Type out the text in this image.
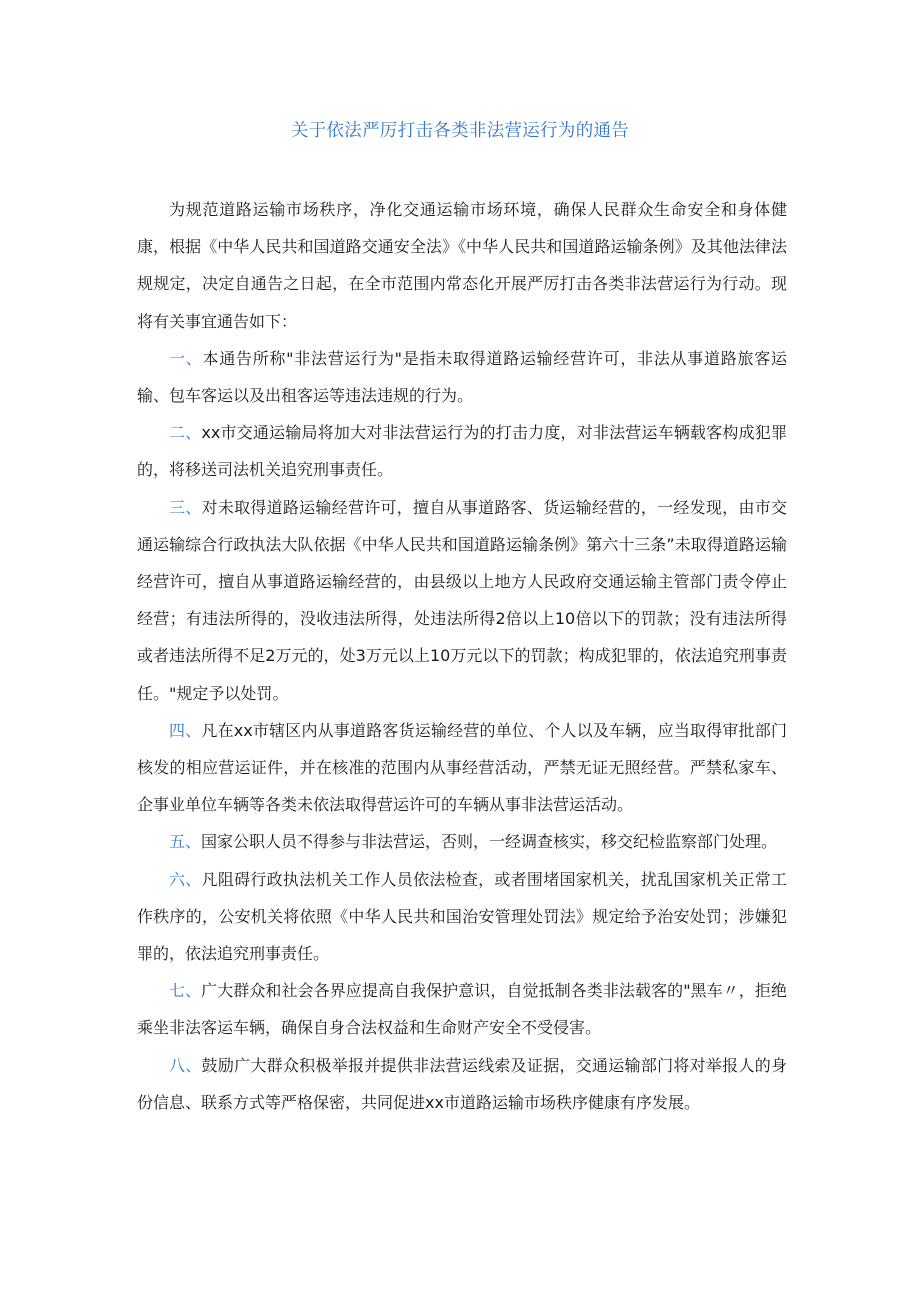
关于依法严厉打击各类非法营运行为的通告

为规范道路运输市场秩序，净化交通运输市场环境，确保人民群众生命安全和身体健康，根据《中华人民共和国道路交通安全法》《中华人民共和国道路运输条例》及其他法律法规规定，决定自通告之日起，在全市范围内常态化开展严厉打击各类非法营运行为行动。现将有关事宜通告如下：

一、本通告所称"非法营运行为"是指未取得道路运输经营许可，非法从事道路旅客运输、包车客运以及出租客运等违法违规的行为。

二、xx市交通运输局将加大对非法营运行为的打击力度，对非法营运车辆载客构成犯罪的，将移送司法机关追究刑事责任。

三、对未取得道路运输经营许可，擅自从事道路客、货运输经营的，一经发现，由市交通运输综合行政执法大队依据《中华人民共和国道路运输条例》第六十三条”未取得道路运输经营许可，擅自从事道路运输经营的，由县级以上地方人民政府交通运输主管部门责令停止经营；有违法所得的，没收违法所得，处违法所得2倍以上10倍以下的罚款；没有违法所得或者违法所得不足2万元的，处3万元以上10万元以下的罚款；构成犯罪的，依法追究刑事责任。"规定予以处罚。

四、凡在xx市辖区内从事道路客货运输经营的单位、个人以及车辆，应当取得审批部门核发的相应营运证件，并在核准的范围内从事经营活动，严禁无证无照经营。严禁私家车、企事业单位车辆等各类未依法取得营运许可的车辆从事非法营运活动。

五、国家公职人员不得参与非法营运，否则，一经调查核实，移交纪检监察部门处理。

六、凡阻碍行政执法机关工作人员依法检查，或者围堵国家机关，扰乱国家机关正常工作秩序的，公安机关将依照《中华人民共和国治安管理处罚法》规定给予治安处罚；涉嫌犯罪的，依法追究刑事责任。

七、广大群众和社会各界应提高自我保护意识，自觉抵制各类非法载客的"黑车〃，拒绝乘坐非法客运车辆，确保自身合法权益和生命财产安全不受侵害。

八、鼓励广大群众积极举报并提供非法营运线索及证据，交通运输部门将对举报人的身份信息、联系方式等严格保密，共同促进xx市道路运输市场秩序健康有序发展。
